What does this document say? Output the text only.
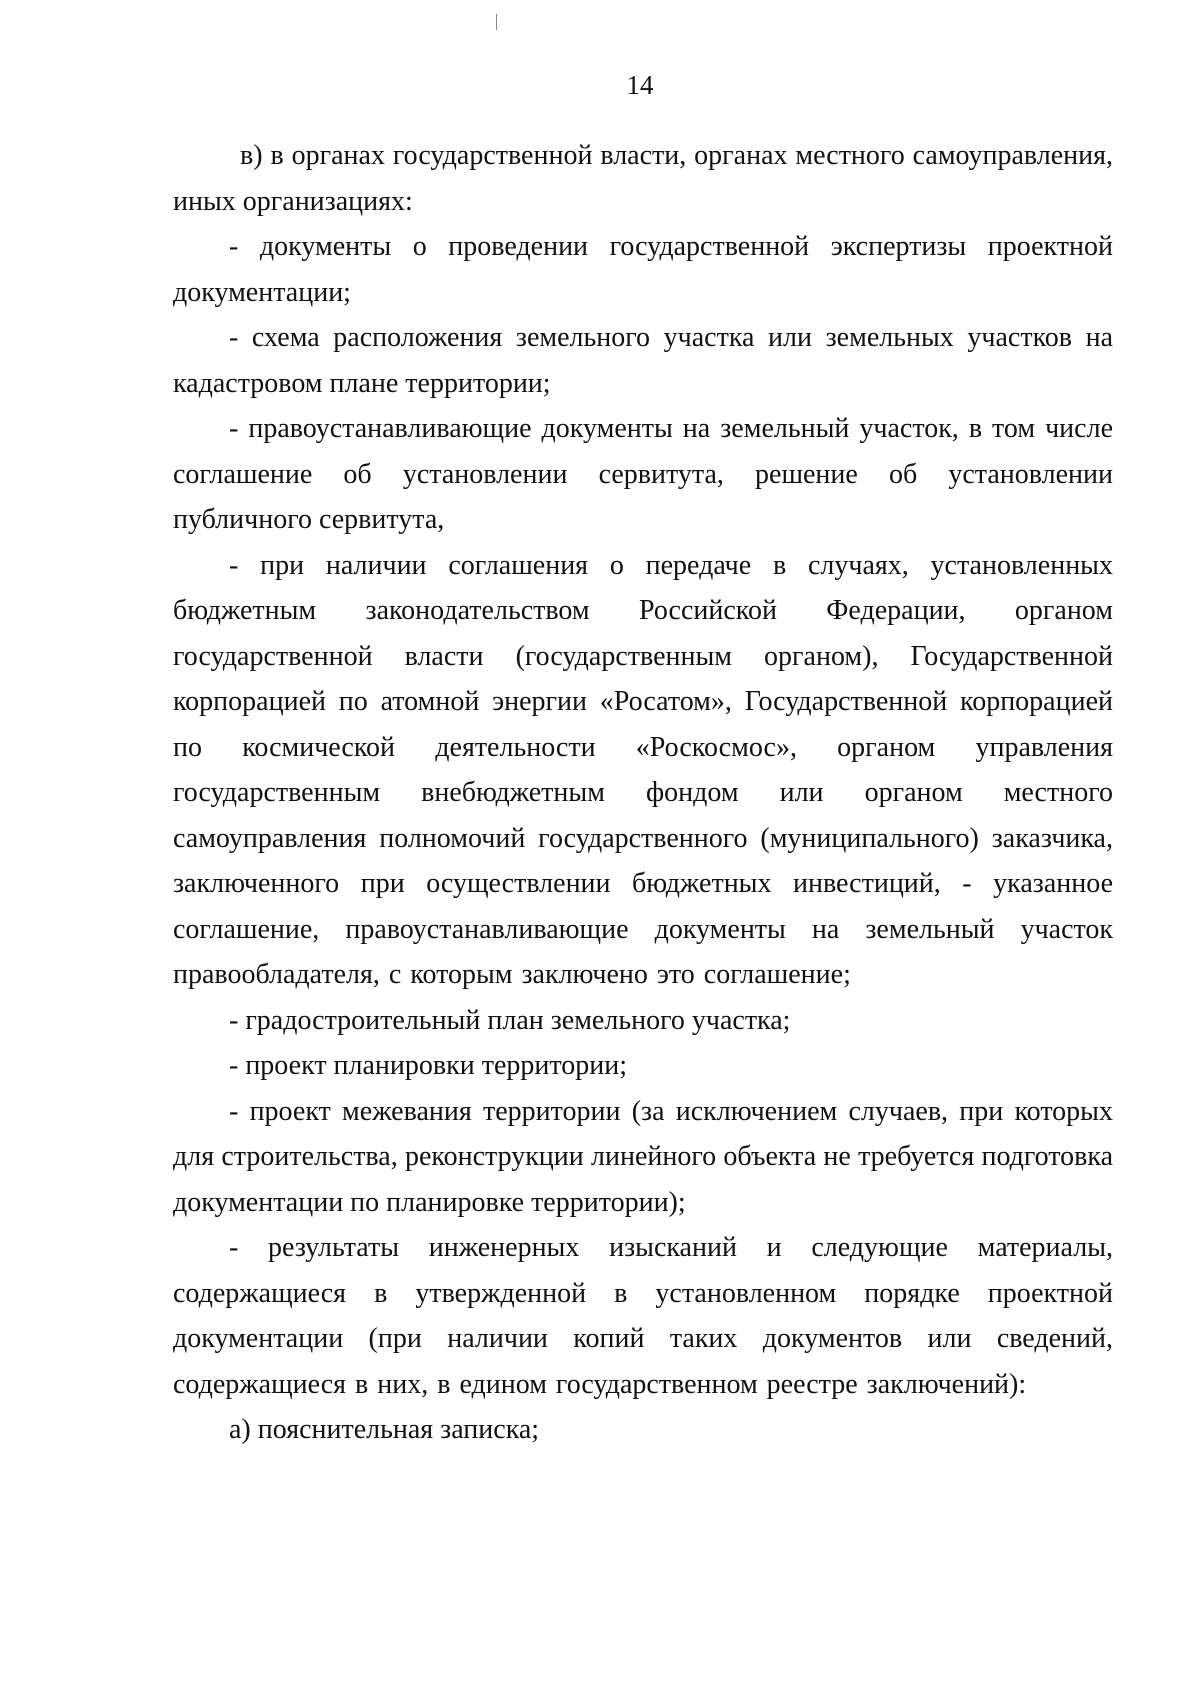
14

в) в органах государственной власти, органах местного самоуправления, иных организациях:

- документы о проведении государственной экспертизы проектной документации;

- схема расположения земельного участка или земельных участков на кадастровом плане территории;

- правоустанавливающие документы на земельный участок, в том числе соглашение об установлении сервитута, решение об установлении публичного сервитута,

- при наличии соглашения о передаче в случаях, установленных бюджетным законодательством Российской Федерации, органом государственной власти (государственным органом), Государственной корпорацией по атомной энергии «Росатом», Государственной корпорацией по космической деятельности «Роскосмос», органом управления государственным внебюджетным фондом или органом местного самоуправления полномочий государственного (муниципального) заказчика, заключенного при осуществлении бюджетных инвестиций, - указанное соглашение, правоустанавливающие документы на земельный участок правообладателя, с которым заключено это соглашение;

- градостроительный план земельного участка;

- проект планировки территории;

- проект межевания территории (за исключением случаев, при которых для строительства, реконструкции линейного объекта не требуется подготовка документации по планировке территории);

- результаты инженерных изысканий и следующие материалы, содержащиеся в утвержденной в установленном порядке проектной документации (при наличии копий таких документов или сведений, содержащиеся в них, в едином государственном реестре заключений):

а) пояснительная записка;
